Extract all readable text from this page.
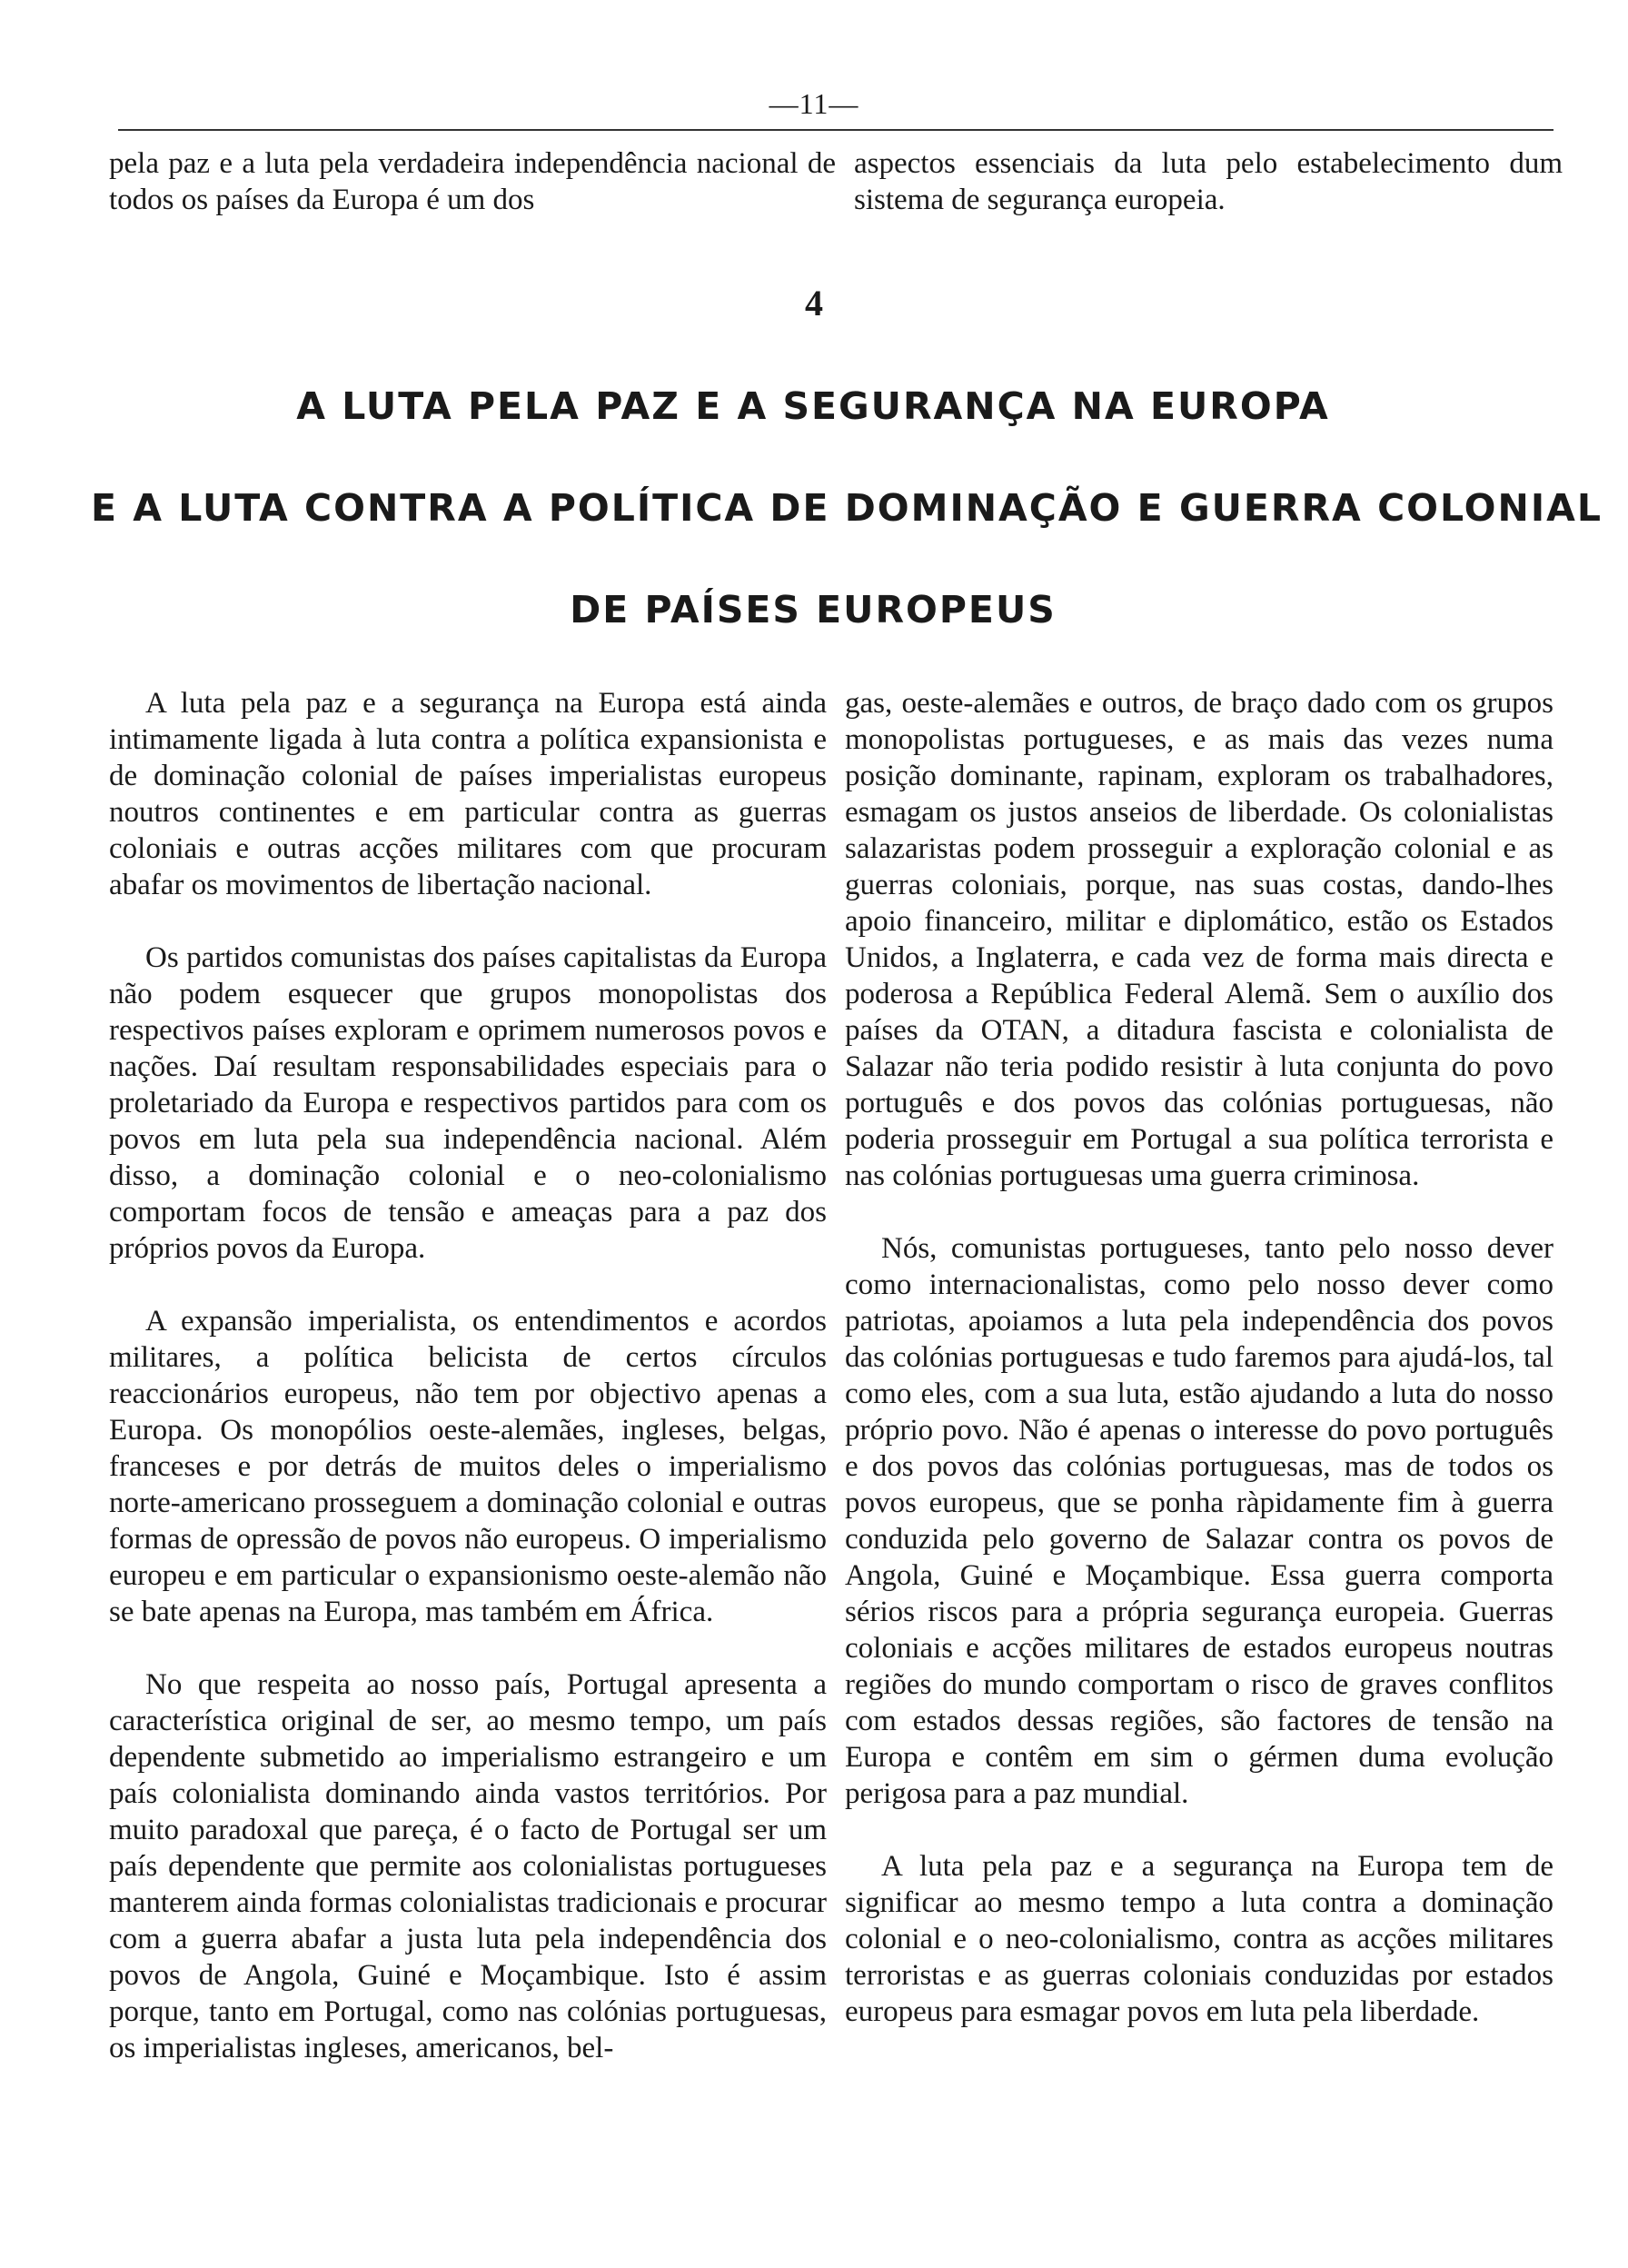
—11—

pela paz e a luta pela verdadeira independência nacional de todos os países da Europa é um dos

aspectos essenciais da luta pelo estabelecimento dum sistema de segurança europeia.

4
A LUTA PELA PAZ E A SEGURANÇA NA EUROPA
E A LUTA CONTRA A POLÍTICA DE DOMINAÇÃO E GUERRA COLONIAL
DE PAÍSES EUROPEUS

A luta pela paz e a segurança na Europa está ainda intimamente ligada à luta contra a política expansionista e de dominação colonial de países imperialistas europeus noutros continentes e em particular contra as guerras coloniais e outras acções militares com que procuram abafar os movimentos de libertação nacional.

Os partidos comunistas dos países capitalistas da Europa não podem esquecer que grupos monopolistas dos respectivos países exploram e oprimem numerosos povos e nações. Daí resultam responsabilidades especiais para o proletariado da Europa e respectivos partidos para com os povos em luta pela sua independência nacional. Além disso, a dominação colonial e o neo-colonialismo comportam focos de tensão e ameaças para a paz dos próprios povos da Europa.

A expansão imperialista, os entendimentos e acordos militares, a política belicista de certos círculos reaccionários europeus, não tem por objectivo apenas a Europa. Os monopólios oeste-alemães, ingleses, belgas, franceses e por detrás de muitos deles o imperialismo norte-americano prosseguem a dominação colonial e outras formas de opressão de povos não europeus. O imperialismo europeu e em particular o expansionismo oeste-alemão não se bate apenas na Europa, mas também em África.

No que respeita ao nosso país, Portugal apresenta a característica original de ser, ao mesmo tempo, um país dependente submetido ao imperialismo estrangeiro e um país colonialista dominando ainda vastos territórios. Por muito paradoxal que pareça, é o facto de Portugal ser um país dependente que permite aos colonialistas portugueses manterem ainda formas colonialistas tradicionais e procurar com a guerra abafar a justa luta pela independência dos povos de Angola, Guiné e Moçambique. Isto é assim porque, tanto em Portugal, como nas colónias portuguesas, os imperialistas ingleses, americanos, bel-

gas, oeste-alemães e outros, de braço dado com os grupos monopolistas portugueses, e as mais das vezes numa posição dominante, rapinam, exploram os trabalhadores, esmagam os justos anseios de liberdade. Os colonialistas salazaristas podem prosseguir a exploração colonial e as guerras coloniais, porque, nas suas costas, dando-lhes apoio financeiro, militar e diplomático, estão os Estados Unidos, a Inglaterra, e cada vez de forma mais directa e poderosa a República Federal Alemã. Sem o auxílio dos países da OTAN, a ditadura fascista e colonialista de Salazar não teria podido resistir à luta conjunta do povo português e dos povos das colónias portuguesas, não poderia prosseguir em Portugal a sua política terrorista e nas colónias portuguesas uma guerra criminosa.

Nós, comunistas portugueses, tanto pelo nosso dever como internacionalistas, como pelo nosso dever como patriotas, apoiamos a luta pela independência dos povos das colónias portuguesas e tudo faremos para ajudá-los, tal como eles, com a sua luta, estão ajudando a luta do nosso próprio povo. Não é apenas o interesse do povo português e dos povos das colónias portuguesas, mas de todos os povos europeus, que se ponha ràpidamente fim à guerra conduzida pelo governo de Salazar contra os povos de Angola, Guiné e Moçambique. Essa guerra comporta sérios riscos para a própria segurança europeia. Guerras coloniais e acções militares de estados europeus noutras regiões do mundo comportam o risco de graves conflitos com estados dessas regiões, são factores de tensão na Europa e contêm em sim o gérmen duma evolução perigosa para a paz mundial.

A luta pela paz e a segurança na Europa tem de significar ao mesmo tempo a luta contra a dominação colonial e o neo-colonialismo, contra as acções militares terroristas e as guerras coloniais conduzidas por estados europeus para esmagar povos em luta pela liberdade.
